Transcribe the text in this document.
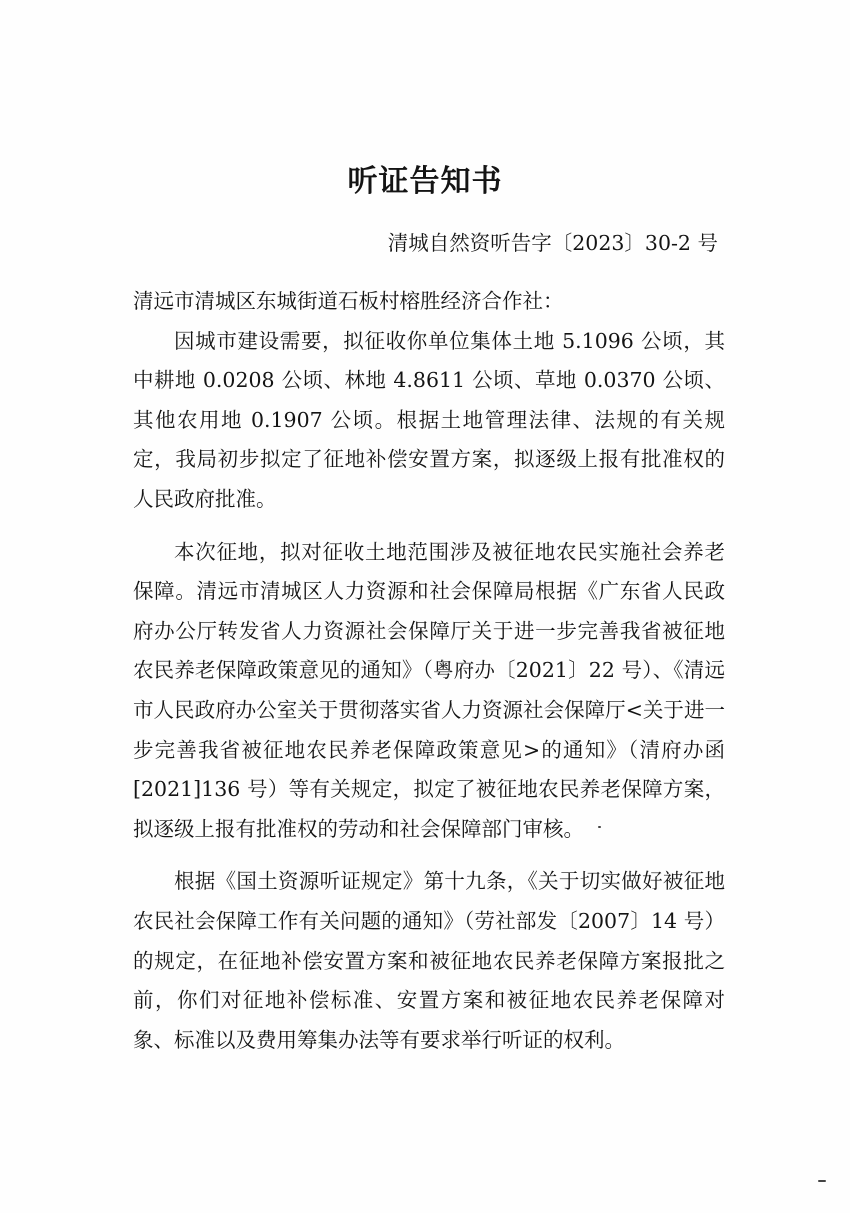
听证告知书
清城自然资听告字〔2023〕30-2 号

清远市清城区东城街道石板村榕胜经济合作社：

因城市建设需要，拟征收你单位集体土地 5.1096 公顷，其中耕地 0.0208 公顷、林地 4.8611 公顷、草地 0.0370 公顷、其他农用地 0.1907 公顷。根据土地管理法律、法规的有关规定，我局初步拟定了征地补偿安置方案，拟逐级上报有批准权的人民政府批准。

本次征地，拟对征收土地范围涉及被征地农民实施社会养老保障。清远市清城区人力资源和社会保障局根据《广东省人民政府办公厅转发省人力资源社会保障厅关于进一步完善我省被征地农民养老保障政策意见的通知》（粤府办〔2021〕22 号）、《清远市人民政府办公室关于贯彻落实省人力资源社会保障厅<关于进一步完善我省被征地农民养老保障政策意见>的通知》（清府办函[2021]136 号）等有关规定，拟定了被征地农民养老保障方案，拟逐级上报有批准权的劳动和社会保障部门审核。

根据《国土资源听证规定》第十九条，《关于切实做好被征地农民社会保障工作有关问题的通知》（劳社部发〔2007〕14 号）的规定，在征地补偿安置方案和被征地农民养老保障方案报批之前，你们对征地补偿标准、安置方案和被征地农民养老保障对象、标准以及费用筹集办法等有要求举行听证的权利。
